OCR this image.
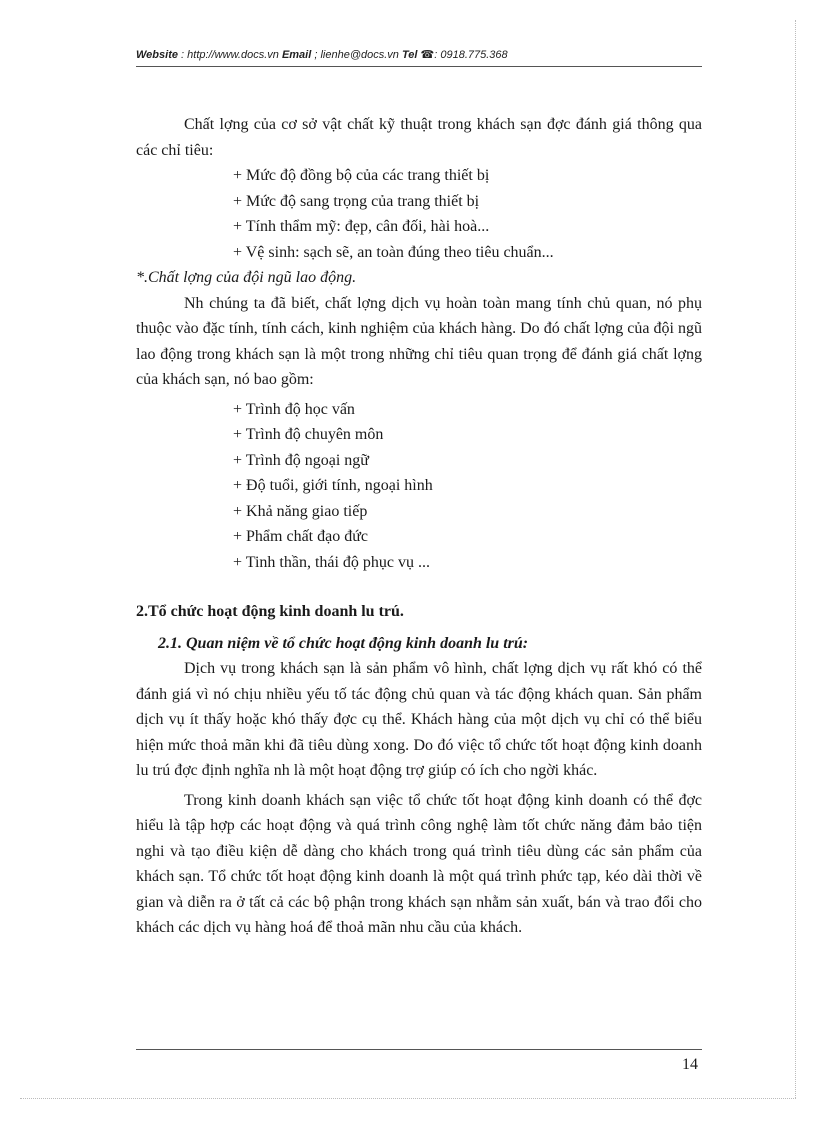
Website : http://www.docs.vn Email ; lienhe@docs.vn Tel ☎: 0918.775.368

Chất lợng của cơ sở vật chất kỹ thuật trong khách sạn đợc đánh giá thông qua các chỉ tiêu:

+ Mức độ đồng bộ của các trang thiết bị
+ Mức độ sang trọng của trang thiết bị
+ Tính thẩm mỹ: đẹp, cân đối, hài hoà...
+ Vệ sinh: sạch sẽ, an toàn đúng theo tiêu chuẩn...

*.Chất lợng của đội ngũ lao động.

Nh chúng ta đã biết, chất lợng dịch vụ hoàn toàn mang tính chủ quan, nó phụ thuộc vào đặc tính, tính cách, kinh nghiệm của khách hàng. Do đó chất lợng của đội ngũ lao động trong khách sạn là một trong những chỉ tiêu quan trọng để đánh giá chất lợng của khách sạn, nó bao gồm:

+ Trình độ học vấn
+ Trình độ chuyên môn
+ Trình độ ngoại ngữ
+ Độ tuổi, giới tính, ngoại hình
+ Khả năng giao tiếp
+ Phẩm chất đạo đức
+ Tinh thần, thái độ phục vụ ...

2.Tổ chức hoạt động kinh doanh lu trú.

2.1. Quan niệm về tổ chức hoạt động kinh doanh lu trú:

Dịch vụ trong khách sạn là sản phẩm vô hình, chất lợng dịch vụ rất khó có thể đánh giá vì nó chịu nhiều yếu tố tác động chủ quan và tác động khách quan. Sản phẩm dịch vụ ít thấy hoặc khó thấy đợc cụ thể. Khách hàng của một dịch vụ chỉ có thể biểu hiện mức thoả mãn khi đã tiêu dùng xong. Do đó việc tổ chức tốt hoạt động kinh doanh lu trú đợc định nghĩa nh là một hoạt động trợ giúp có ích cho ngời khác.

Trong kinh doanh khách sạn việc tổ chức tốt hoạt động kinh doanh có thể đợc hiểu là tập hợp các hoạt động và quá trình công nghệ làm tốt chức năng đảm bảo tiện nghi và tạo điều kiện dễ dàng cho khách trong quá trình tiêu dùng các sản phẩm của khách sạn. Tổ chức tốt hoạt động kinh doanh là một quá trình phức tạp, kéo dài thời về gian và diễn ra ở tất cả các bộ phận trong khách sạn nhằm sản xuất, bán và trao đổi cho khách các dịch vụ hàng hoá để thoả mãn nhu cầu của khách.

14
